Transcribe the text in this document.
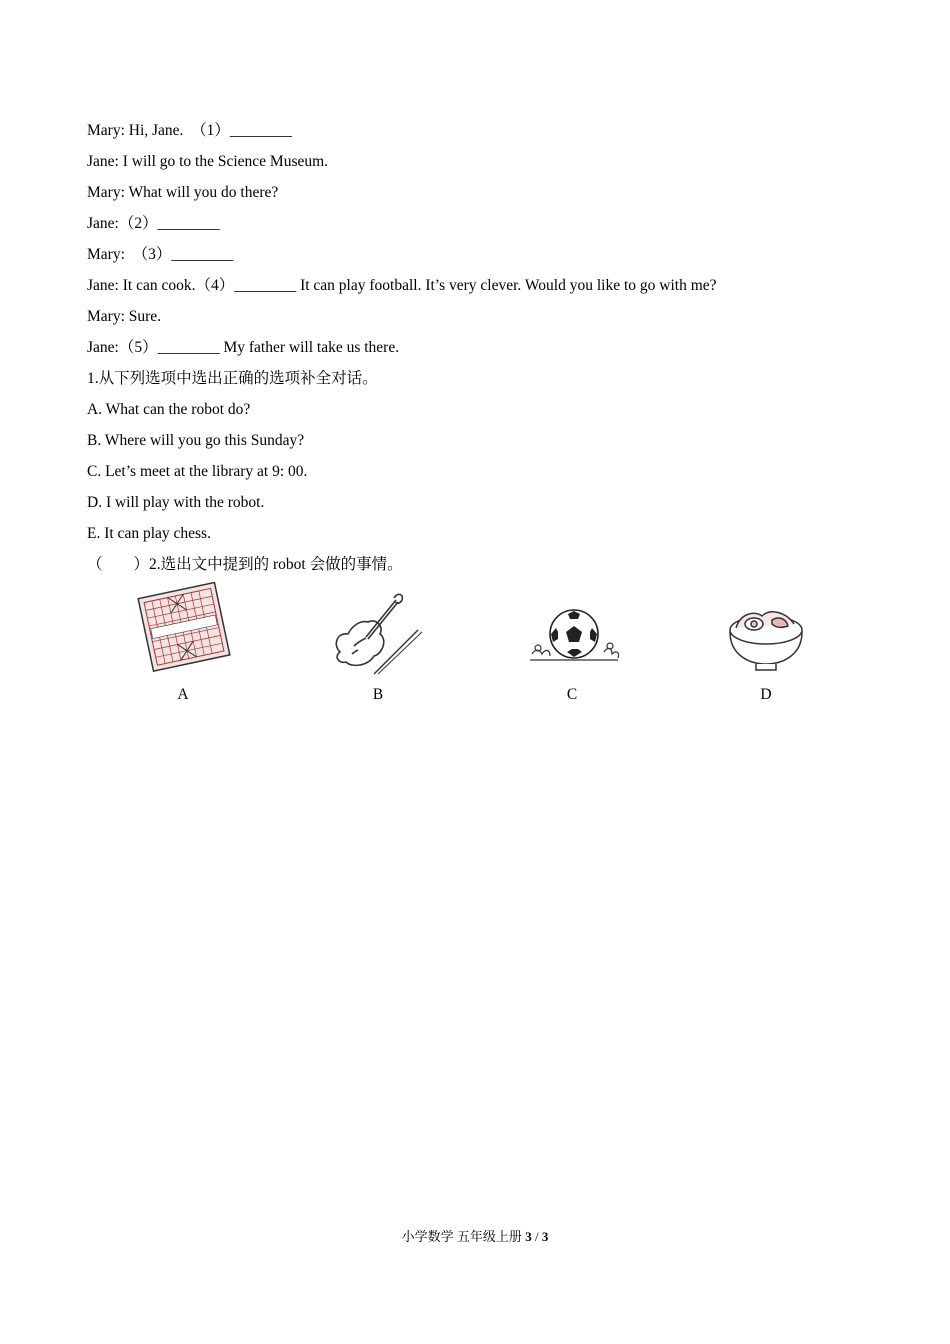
Mary: Hi, Jane.  （1）________
Jane: I will go to the Science Museum.
Mary: What will you do there?
Jane:（2）________
Mary:  （3）________
Jane: It can cook.（4）________ It can play football. It’s very clever. Would you like to go with me?
Mary: Sure.
Jane:（5）________ My father will take us there.
1.从下列选项中选出正确的选项补全对话。
A. What can the robot do?
B. Where will you go this Sunday?
C. Let’s meet at the library at 9: 00.
D. I will play with the robot.
E. It can play chess.
（　　）2.选出文中提到的 robot 会做的事情。
A	B	C	D
小学数学 五年级上册 3 / 3
